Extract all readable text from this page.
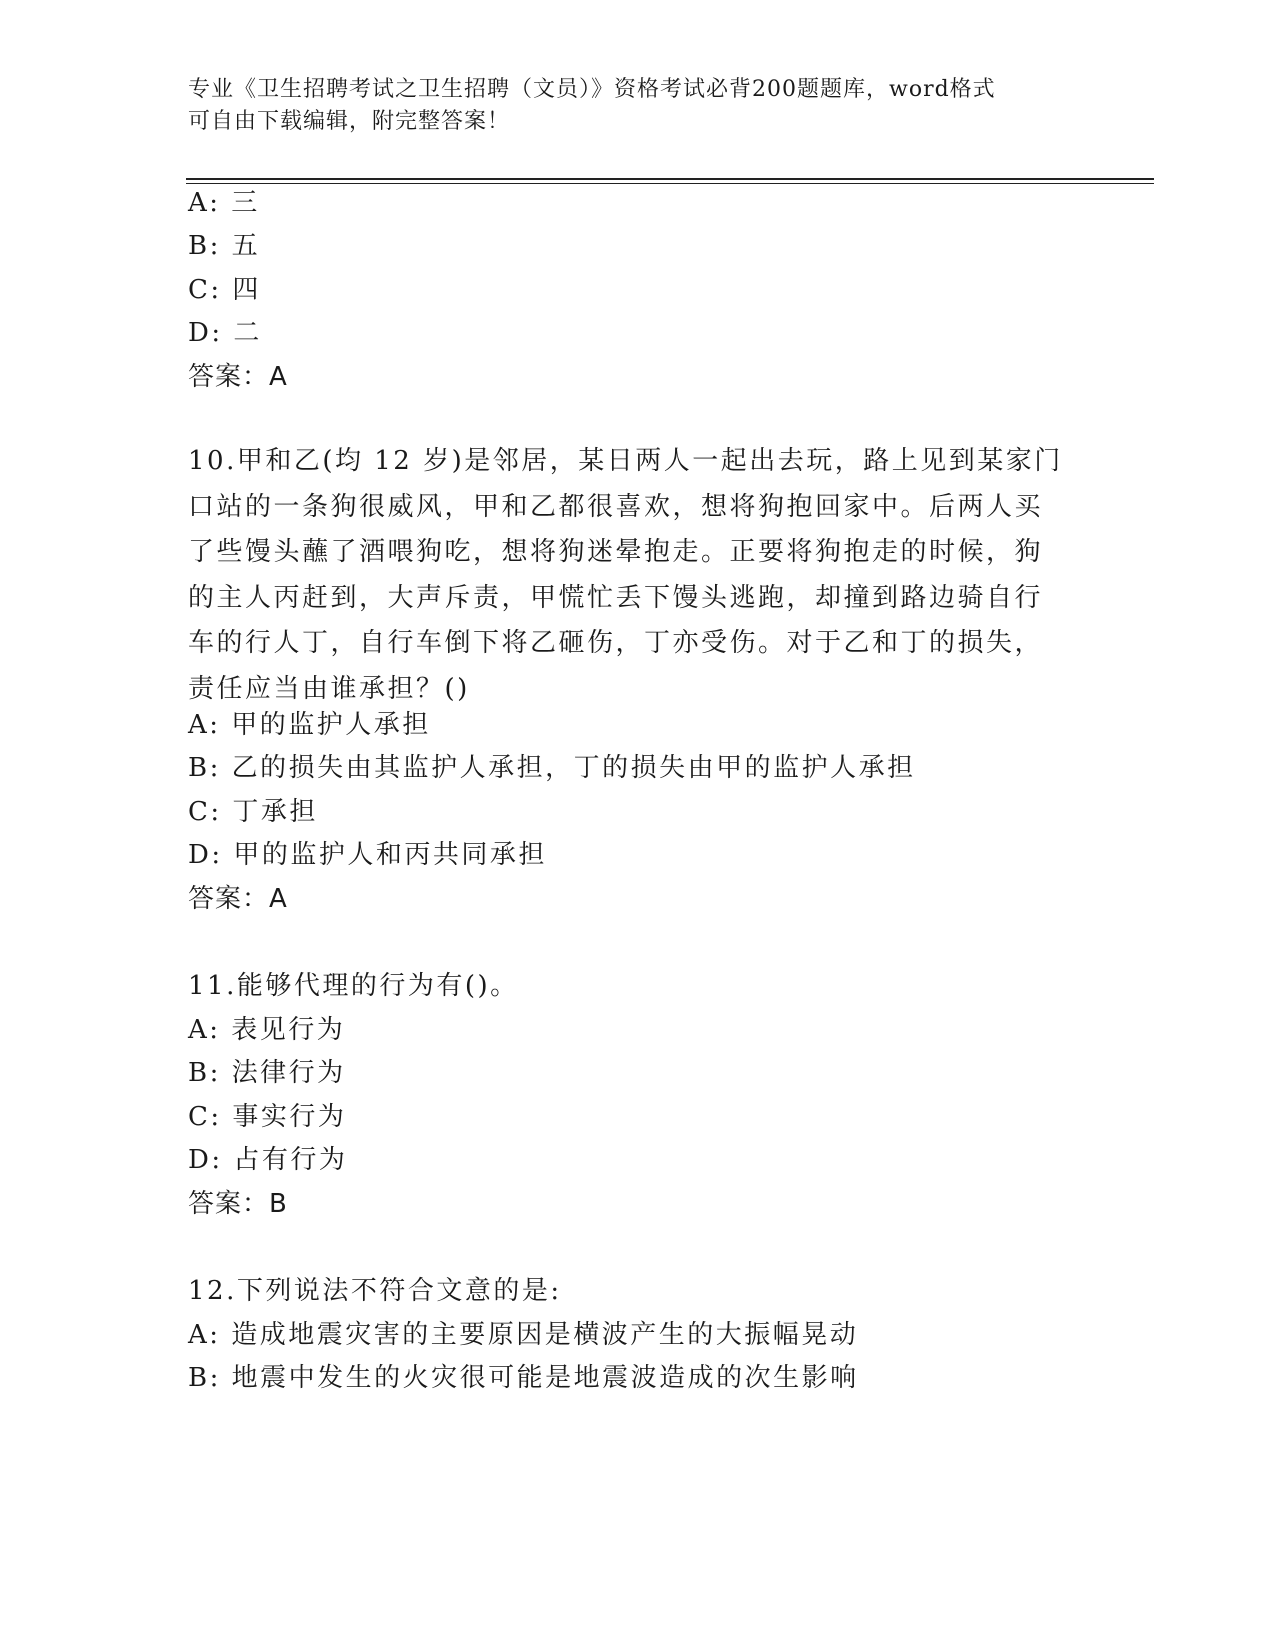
专业《卫生招聘考试之卫生招聘（文员）》资格考试必背200题题库，word格式
可自由下载编辑，附完整答案！
A: 三
B: 五
C: 四
D: 二
答案：A
10.甲和乙(均 12 岁)是邻居，某日两人一起出去玩，路上见到某家门
口站的一条狗很威风，甲和乙都很喜欢，想将狗抱回家中。后两人买
了些馒头蘸了酒喂狗吃，想将狗迷晕抱走。正要将狗抱走的时候，狗
的主人丙赶到，大声斥责，甲慌忙丢下馒头逃跑，却撞到路边骑自行
车的行人丁，自行车倒下将乙砸伤，丁亦受伤。对于乙和丁的损失，
责任应当由谁承担？()
A: 甲的监护人承担
B: 乙的损失由其监护人承担，丁的损失由甲的监护人承担
C: 丁承担
D: 甲的监护人和丙共同承担
答案：A
11.能够代理的行为有()。
A: 表见行为
B: 法律行为
C: 事实行为
D: 占有行为
答案：B
12.下列说法不符合文意的是:
A: 造成地震灾害的主要原因是横波产生的大振幅晃动
B: 地震中发生的火灾很可能是地震波造成的次生影响
